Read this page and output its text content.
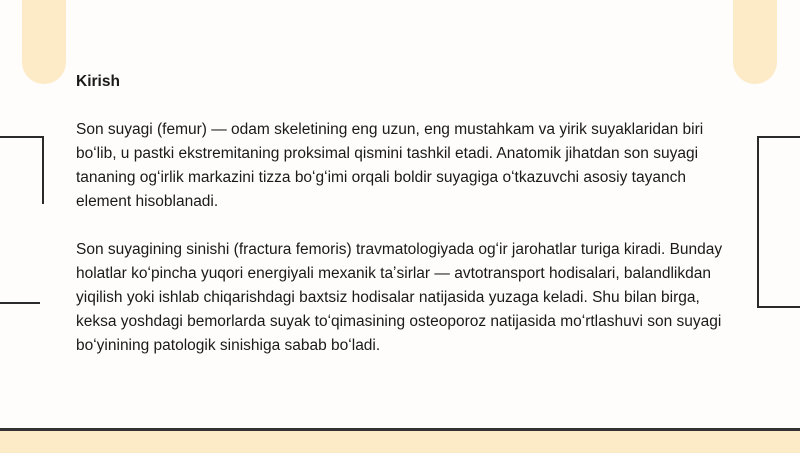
Kirish

Son suyagi (femur) — odam skeletining eng uzun, eng mustahkam va yirik suyaklaridan biri boʻlib, u pastki ekstremitaning proksimal qismini tashkil etadi. Anatomik jihatdan son suyagi tananing ogʻirlik markazini tizza boʻgʻimi orqali boldir suyagiga oʻtkazuvchi asosiy tayanch element hisoblanadi.

Son suyagining sinishi (fractura femoris) travmatologiyada ogʻir jarohatlar turiga kiradi. Bunday holatlar koʻpincha yuqori energiyali mexanik taʼsirlar — avtotransport hodisalari, balandlikdan yiqilish yoki ishlab chiqarishdagi baxtsiz hodisalar natijasida yuzaga keladi. Shu bilan birga, keksa yoshdagi bemorlarda suyak toʻqimasining osteoporoz natijasida moʻrtlashuvi son suyagi boʻyinining patologik sinishiga sabab boʻladi.
